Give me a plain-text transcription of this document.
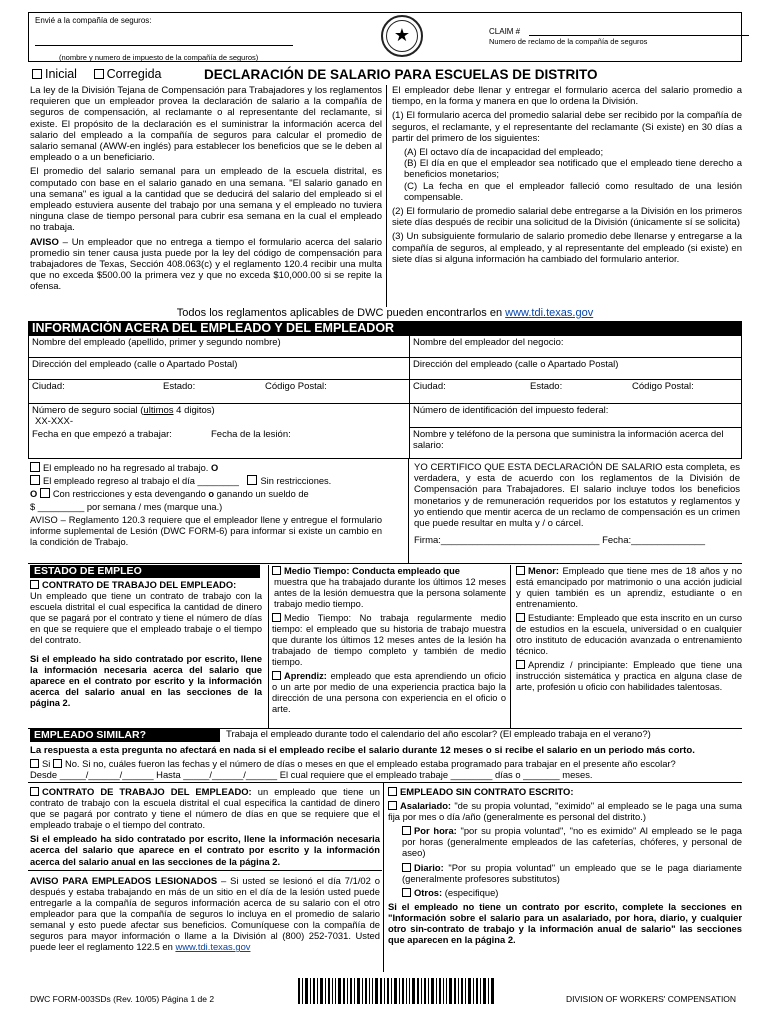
Envié a la compañía de seguros:
(nombre y numero de impuesto de la compañía de seguros)
★	CLAIM #
Numero de reclamo de la compañía de seguros
Inicial Corregida	DECLARACIÓN DE SALARIO PARA ESCUELAS DE DISTRITO

La ley de la División Tejana de Compensación para Trabajadores y los reglamentos requieren que un empleador provea la declaración de salario a la compañía de seguros de compensación, al reclamante o al representante del reclamante, si existe. El propósito de la declaración es el suministrar la información acerca del salario del empleado a la compañía de seguros para calcular el promedio de salario semanal (AWW-en inglés) para establecer los beneficios que se le deben al empleado o a un beneficiario.

El promedio del salario semanal para un empleado de la escuela distrital, es computado con base en el salario ganado en una semana. "El salario ganado en una semana" es igual a la cantidad que se deducirá del salario del empleado si el empleado estuviera ausente del trabajo por una semana y el empleado no tuviera ninguna clase de tiempo personal para cubrir esa semana en la cual el empleado no trabaja.

AVISO – Un empleador que no entrega a tiempo el formulario acerca del salario promedio sin tener causa justa puede por la ley del código de compensación para trabajadores de Texas, Sección 408.063(c) y el reglamento 120.4 recibir una multa que no exceda $500.00 la primera vez y que no exceda $10,000.00 si se repite la ofensa.

El empleador debe llenar y entregar el formulario acerca del salario promedio a tiempo, en la forma y manera en que lo ordena la División.

(1) El formulario acerca del promedio salarial debe ser recibido por la compañía de seguros, el reclamante, y el representante del reclamante (Si existe) en 30 días a partir del primero de los siguientes:

(A) El octavo día de incapacidad del empleado;

(B) El día en que el empleador sea notificado que el empleado tiene derecho a beneficios monetarios;

(C) La fecha en que el empleador falleció como resultado de una lesión compensable.

(2) El formulario de promedio salarial debe entregarse a la División en los primeros siete días después de recibir una solicitud de la División (únicamente sí se solicita)

(3) Un subsiguiente formulario de salario promedio debe llenarse y entregarse a la compañía de seguros, al empleado, y al representante del empleado (si existe) en siete días si alguna información ha cambiado del formulario anterior.

Todos los reglamentos aplicables de DWC pueden encontrarlos en www.tdi.texas.gov
INFORMACIÓN ACERA DEL EMPLEADO Y DEL EMPLEADOR
Nombre del empleado (apellido, primer y segundo nombre)	Nombre del empleador del negocio:
Dirección del empleado (calle o Apartado Postal)	Dirección del empleado (calle o Apartado Postal)
Ciudad:	Estado:	Código Postal:	Ciudad:	Estado:	Código Postal:
Número de seguro social (ultimos 4 digitos)
XX-XXX-
Fecha en que empezó a trabajar:	Fecha de la lesión:
Número de identificación del impuesto federal:
Nombre y teléfono de la persona que suministra la información acerca del salario:
El empleado no ha regresado al trabajo. O
El empleado regreso al trabajo el día ________ Sin restricciones.
O Con restricciones y esta devengando o ganando un sueldo de
$ _________ por semana / mes (marque una.)
AVISO – Reglamento 120.3 requiere que el empleador llene y entregue el formulario informe suplemental de Lesión (DWC FORM-6) para informar si existe un cambio en la condición de Trabajo.

YO CERTIFICO QUE ESTA DECLARACIÓN DE SALARIO esta completa, es verdadera, y esta de acuerdo con los reglamentos de la División de Compensación para Trabajadores. El salario incluye todos los beneficios monetarios y de remuneración requeridos por los estatutos y reglamentos y yo entiendo que mentir acerca de un reclamo de compensación es un crimen que puede resultar en multa y / o cárcel.

Firma:______________________________ Fecha:______________
ESTADO DE EMPLEO

CONTRATO DE TRABAJO DEL EMPLEADO:

Un empleado que tiene un contrato de trabajo con la escuela distrital el cual especifica la cantidad de dinero que se pagará por el contrato y tiene el número de días en que se requiere que el empleado trabaje o el tiempo del contrato.

Si el empleado ha sido contratado por escrito, llene la información necesaria acerca del salario que aparece en el contrato por escrito y la información acerca del salario anual en las secciones de la página 2.

Medio Tiempo: Conducta empleado que

muestra que ha trabajado durante los últimos 12 meses antes de la lesión demuestra que la persona solamente trabajo medio tiempo.

Medio Tiempo: No trabaja regularmente medio tiempo: el empleado que su historia de trabajo muestra que durante los últimos 12 meses antes de la lesión ha trabajado de tiempo completo y también de medio tiempo.

Aprendiz: empleado que esta aprendiendo un oficio o un arte por medio de una experiencia practica bajo la dirección de una persona con experiencia en el oficio o arte.

Menor: Empleado que tiene mes de 18 años y no está emancipado por matrimonio o una acción judicial y quien también es un aprendiz, estudiante o en entrenamiento.

Estudiante: Empleado que esta inscrito en un curso de estudios en la escuela, universidad o en cualquier otro instituto de educación avanzada o entrenamiento técnico.

Aprendiz / principiante: Empleado que tiene una instrucción sistemática y practica en alguna clase de arte, profesión u oficio con habilidades talentosas.

EMPLEADO SIMILAR?	Trabaja el empleado durante todo el calendario del año escolar? (El empleado trabaja en el verano?)
La respuesta a esta pregunta no afectará en nada si el empleado recibe el salario durante 12 meses o si recibe el salario en un periodo más corto.
Si No. Si no, cuáles fueron las fechas y el número de días o meses en que el empleado estaba programado para trabajar en el presente año escolar?
Desde _____/______/______ Hasta _____/______/______ El cual requiere que el empleado trabaje ________ días o _______ meses.

CONTRATO DE TRABAJO DEL EMPLEADO: un empleado que tiene un contrato de trabajo con la escuela distrital el cual especifica la cantidad de dinero que se pagará por contrato y tiene el número de días en que se requiere que el empleado trabaje o el tiempo del contrato.

Si el empleado ha sido contratado por escrito, llene la información necesaria acerca del salario que aparece en el contrato por escrito y la información acerca del salario anual en las secciones de la página 2.

AVISO PARA EMPLEADOS LESIONADOS – Si usted se lesionó el día 7/1/02 o después y estaba trabajando en más de un sitio en el día de la lesión usted puede entregarle a la compañía de seguros información acerca de su salario con el otro empleador para que la compañía de seguros lo incluya en el promedio de salario semanal y esto puede afectar sus beneficios. Comuníquese con la compañía de seguros para mayor información o llame a la División al (800) 252-7031. Usted puede leer el reglamento 122.5 en www.tdi.texas.gov

EMPLEADO SIN CONTRATO ESCRITO:

Asalariado: "de su propia voluntad, "eximido" al empleado se le paga una suma fija por mes o día /año (generalmente es personal del distrito.)

Por hora: "por su propia voluntad", "no es eximido" Al empleado se le paga por horas (generalmente empleados de las cafeterías, chóferes, y personal de aseo)

Diario: "Por su propia voluntad" un empleado que se le paga diariamente (generalmente profesores substitutos)

Otros: (especifique)

Si el empleado no tiene un contrato por escrito, complete la secciones en "Información sobre el salario para un asalariado, por hora, diario, y cualquier otro sin-contrato de trabajo y la información anual de salario" las secciones que aparecen en la página 2.

DWC FORM-003SDs (Rev. 10/05) Página 1 de 2	DIVISION OF WORKERS' COMPENSATION
